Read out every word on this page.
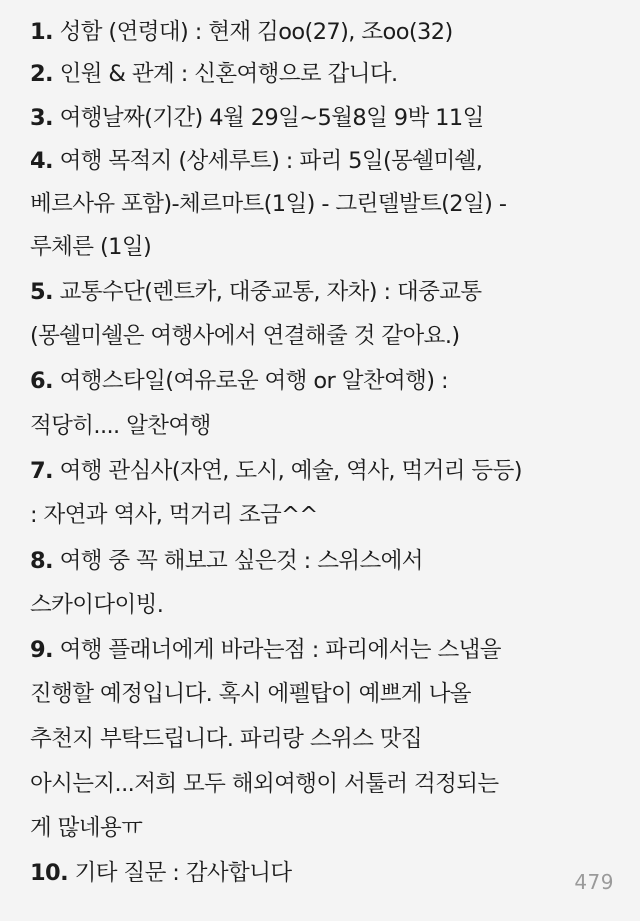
1. 성함 (연령대) : 현재 김oo(27), 조oo(32)
2. 인원 & 관계 : 신혼여행으로 갑니다.
3. 여행날짜(기간) 4월 29일~5월8일 9박 11일
4. 여행 목적지 (상세루트) : 파리 5일(몽쉘미쉘,
베르사유 포함)-체르마트(1일) - 그린델발트(2일) -
루체른 (1일)
5. 교통수단(렌트카, 대중교통, 자차) : 대중교통
(몽쉘미쉘은 여행사에서 연결해줄 것 같아요.)
6. 여행스타일(여유로운 여행 or 알찬여행) :
적당히.... 알찬여행
7. 여행 관심사(자연, 도시, 예술, 역사, 먹거리 등등)
: 자연과 역사, 먹거리 조금^^
8. 여행 중 꼭 해보고 싶은것 : 스위스에서
스카이다이빙.
9. 여행 플래너에게 바라는점 : 파리에서는 스냅을
진행할 예정입니다. 혹시 에펠탑이 예쁘게 나올
추천지 부탁드립니다. 파리랑 스위스 맛집
아시는지...저희 모두 해외여행이 서툴러 걱정되는
게 많네용ㅠ
10. 기타 질문 : 감사합니다	479
